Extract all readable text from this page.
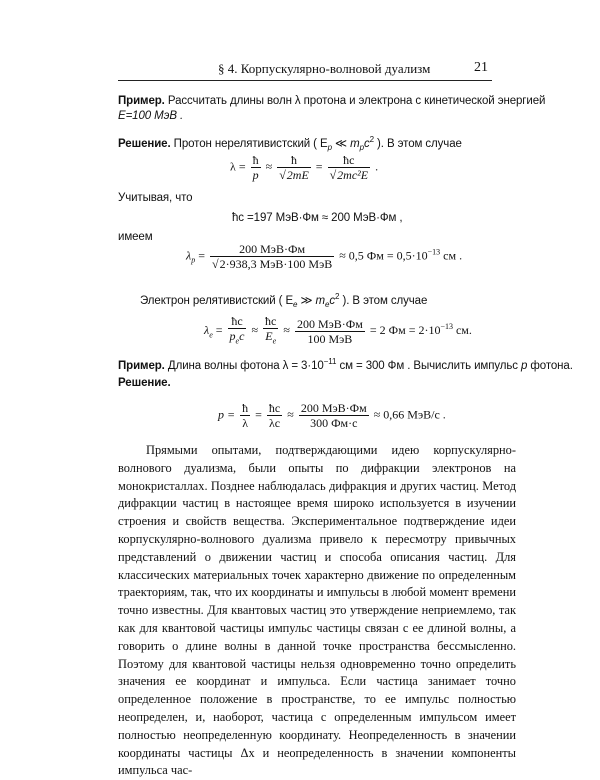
§ 4. Корпускулярно-волновой дуализм	21
Пример. Рассчитать длины волн λ протона и электрона с кинетической энергией
E=100 МэВ .
Решение. Протон нерелятивистский ( $E_p$ ≪ $m_pc^2$ ). В этом случае
$\lambda = \frac{ħ}{p} \approx \frac{ħ}{√2mE} = \frac{ħc}{\text{√2mc²E}}$ .
Учитывая, что
ħc =197 МэВ·Фм ≈ 200 МэВ·Фм ,
имеем
$\lambda_p = \frac{\text{200 МэВ·Фм}}{\text{√2·938,3 МэВ·100 МэВ}} \approx 0,5$ Фм = $0,5\cdot 10^{-13}$ см .
Электрон релятивистский ( $E_e$ ≫ $m_ec^2$ ). В этом случае
$\lambda_e = \frac{ħc}{p_ec} \approx \frac{ħc}{E_e} \approx \frac{\text{200 МэВ·Фм}}{\text{100 МэВ}} = 2$ Фм = $2\cdot 10^{-13}$ см.
Пример. Длина волны фотона $\lambda = 3\cdot 10^{-11}$ см = 300 Фм . Вычислить импульс p фотона.
Решение.
$p = \frac{ħ}{\lambda} = \frac{ħc}{\lambda c} \approx \frac{\text{200 МэВ·Фм}}{300 Фм\cdot c} \approx 0,66$ МэВ/c .

Прямыми опытами, подтверждающими идею корпускулярно-волнового дуализма, были опыты по дифракции электронов на монокристаллах. Позднее наблюдалась дифракция и других частиц. Метод дифракции частиц в настоящее время широко используется в изучении строения и свойств вещества. Экспериментальное подтверждение идеи корпускулярно-волнового дуализма привело к пересмотру привычных представлений о движении частиц и способа описания частиц. Для классических материальных точек характерно движение по определенным траекториям, так, что их координаты и импульсы в любой момент времени точно известны. Для квантовых частиц это утверждение неприемлемо, так как для квантовой частицы импульс частицы связан с ее длиной волны, а говорить о длине волны в данной точке пространства бессмысленно. Поэтому для квантовой частицы нельзя одновременно точно определить значения ее координат и импульса. Если частица занимает точно определенное положение в пространстве, то ее импульс полностью неопределен, и, наоборот, частица с определенным импульсом имеет полностью неопределенную координату. Неопределенность в значении координаты частицы Δx и неопределенность в значении компоненты импульса час-
